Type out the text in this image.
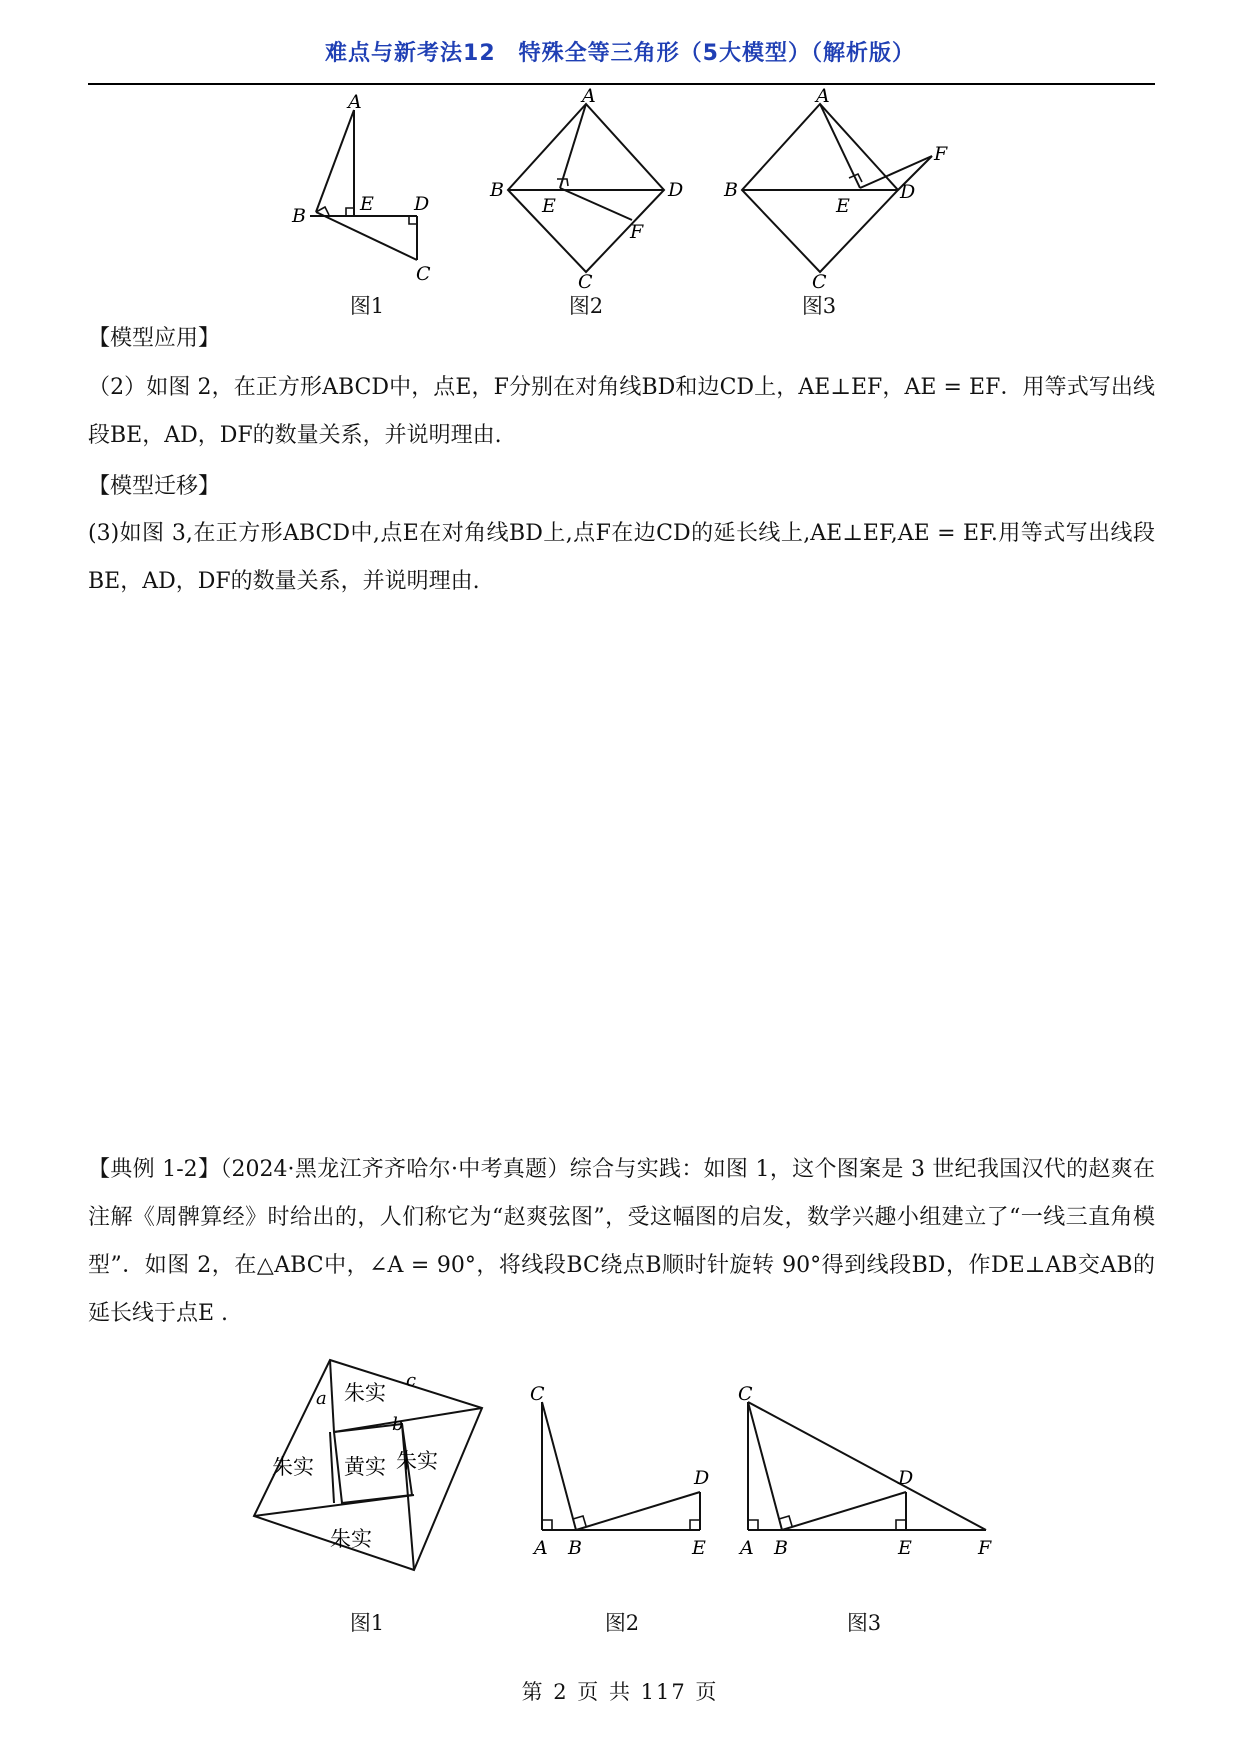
难点与新考法12　特殊全等三角形（5大模型）（解析版）
A
B
E D
C
图1
A
B
E
D
F
C
图2
A
B
E
D
F
C
图3
【模型应用】
（2）如图 2，在正方形ABCD中，点E，F分别在对角线BD和边CD上，AE⊥EF，AE = EF．用等式写出线段BE，AD，DF的数量关系，并说明理由.
【模型迁移】
(3)如图 3,在正方形ABCD中,点E在对角线BD上,点F在边CD的延长线上,AE⊥EF,AE = EF.用等式写出线段BE，AD，DF的数量关系，并说明理由.
【典例 1-2】（2024·黑龙江齐齐哈尔·中考真题）综合与实践：如图 1，这个图案是 3 世纪我国汉代的赵爽在注解《周髀算经》时给出的，人们称它为“赵爽弦图”，受这幅图的启发，数学兴趣小组建立了“一线三直角模型”．如图 2，在△ABC中，∠A = 90°，将线段BC绕点B顺时针旋转 90°得到线段BD，作DE⊥AB交AB的延长线于点E .
c
a
b
朱实
朱实
朱实
朱实
黄实
图1
C
D
A B	E
图2
C
D
A B	E	F
图3
第 2 页 共 117 页
